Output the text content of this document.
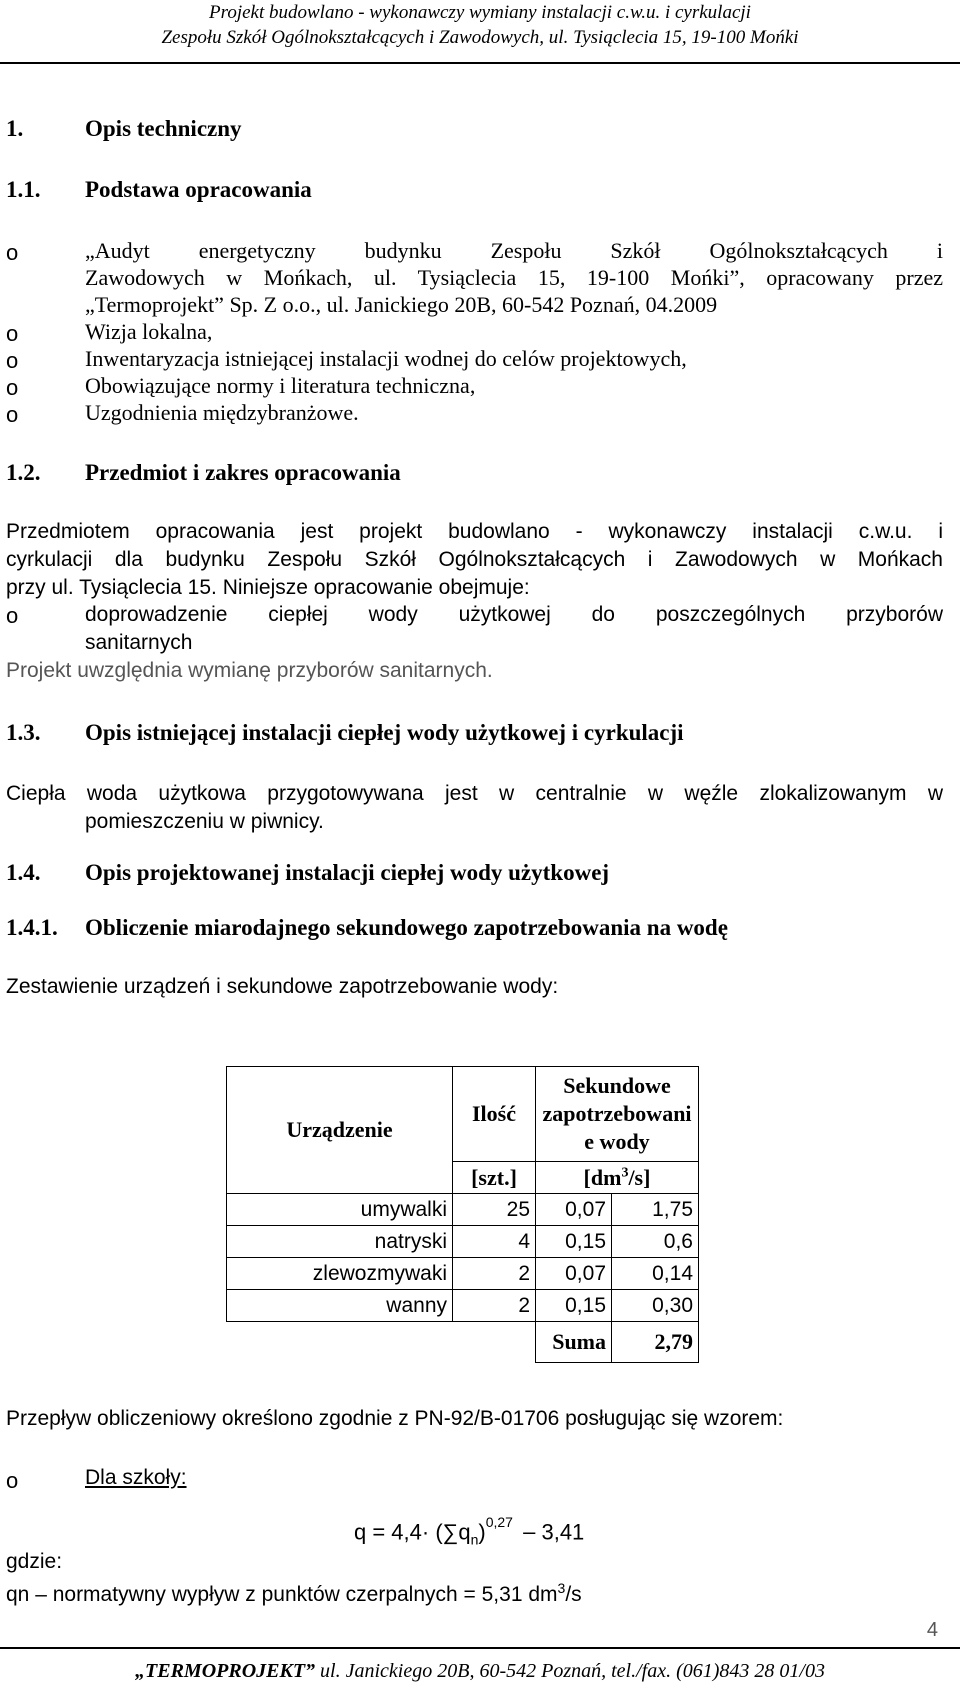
Projekt budowlano - wykonawczy wymiany instalacji c.w.u. i cyrkulacji
Zespołu Szkół Ogólnokształcących i Zawodowych, ul. Tysiąclecia 15, 19-100 Mońki
1.	Opis techniczny
1.1. Podstawa opracowania
o	„Audyt energetyczny budynku Zespołu Szkół Ogólnokształcących i
Zawodowych w Mońkach, ul. Tysiąclecia 15, 19-100 Mońki”, opracowany przez
„Termoprojekt” Sp. Z o.o., ul. Janickiego 20B, 60-542 Poznań, 04.2009
o	Wizja lokalna,
o	Inwentaryzacja istniejącej instalacji wodnej do celów projektowych,
o	Obowiązujące normy i literatura techniczna,
o	Uzgodnienia międzybranżowe.
1.2. Przedmiot i zakres opracowania
Przedmiotem opracowania jest projekt budowlano - wykonawczy instalacji c.w.u. i
cyrkulacji dla budynku Zespołu Szkół Ogólnokształcących i Zawodowych w Mońkach
przy ul. Tysiąclecia 15. Niniejsze opracowanie obejmuje:
o	doprowadzenie ciepłej wody użytkowej do poszczególnych przyborów
sanitarnych
Projekt uwzględnia wymianę przyborów sanitarnych.
1.3. Opis istniejącej instalacji ciepłej wody użytkowej i cyrkulacji
Ciepła woda użytkowa przygotowywana jest w centralnie w węźle zlokalizowanym w
pomieszczeniu w piwnicy.
1.4. Opis projektowanej instalacji ciepłej wody użytkowej
1.4.1. Obliczenie miarodajnego sekundowego zapotrzebowania na wodę
Zestawienie urządzeń i sekundowe zapotrzebowanie wody:
Urządzenie	Ilość	Sekundowe
zapotrzebowani
e wody	

	[szt.]	$[dm^3/s]$	
umywalki	25	0,07	1,75
natryski	4	0,15	0,6
zlewozmywaki	2	0,07	0,14
wanny	2	0,15	0,30
		Suma	2,79
Przepływ obliczeniowy określono zgodnie z PN-92/B-01706 posługując się wzorem:
o	Dla szkoły:
$q = 4,4\cdot (\sum q_n)^{0,27} - 3,41$
gdzie:
qn – normatywny wypływ z punktów czerpalnych = 5,31 $dm^3/s$
4
„TERMOPROJEKT” ul. Janickiego 20B, 60-542 Poznań, tel./fax. (061)843 28 01/03
